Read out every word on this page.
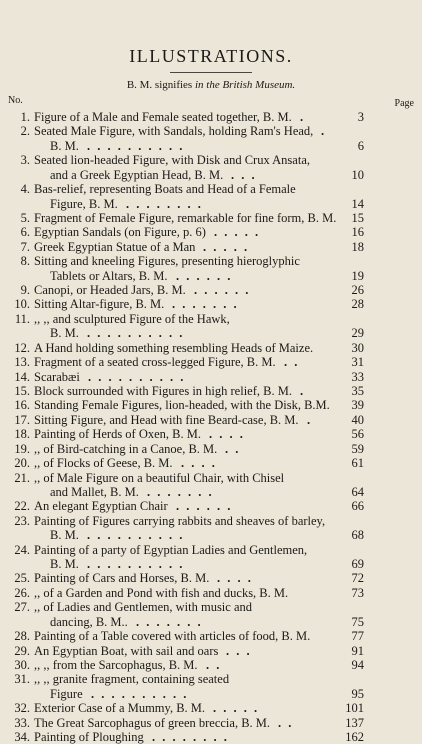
ILLUSTRATIONS.
B. M. signifies in the British Museum.
No.	Page
1. Figure of a Male and Female seated together, B. M. .	3
2. Seated Male Figure, with Sandals, holding Ram's Head, .
B. M. . . . . . . . . . .	6
3. Seated lion-headed Figure, with Disk and Crux Ansata,
and a Greek Egyptian Head, B. M. . . .	10
4. Bas-relief, representing Boats and Head of a Female
Figure, B. M. . . . . . . . .	14
5. Fragment of Female Figure, remarkable for fine form, B. M. 15
6. Egyptian Sandals (on Figure, p. 6) . . . . .	16
7. Greek Egyptian Statue of a Man . . . . .	18
8. Sitting and kneeling Figures, presenting hieroglyphic
Tablets or Altars, B. M. . . . . . .	19
9. Canopi, or Headed Jars, B. M. . . . . . .	26
10. Sitting Altar-figure, B. M. . . . . . . .	28
11. ,, ,, and sculptured Figure of the Hawk,
B. M. . . . . . . . . . .	29
12. A Hand holding something resembling Heads of Maize.	30
13. Fragment of a seated cross-legged Figure, B. M. . .	31
14. Scarabæi . . . . . . . . . .	33
15. Block surrounded with Figures in high relief, B. M. .	35
16. Standing Female Figures, lion-headed, with the Disk, B.M. 39
17. Sitting Figure, and Head with fine Beard-case, B. M. .	40
18. Painting of Herds of Oxen, B. M. . . . .	56
19. ,, of Bird-catching in a Canoe, B. M. . .	59
20. ,, of Flocks of Geese, B. M. . . . .	61
21. ,, of Male Figure on a beautiful Chair, with Chisel
and Mallet, B. M. . . . . . . .	64
22. An elegant Egyptian Chair . . . . . .	66
23. Painting of Figures carrying rabbits and sheaves of barley,
B. M. . . . . . . . . . .	68
24. Painting of a party of Egyptian Ladies and Gentlemen,
B. M. . . . . . . . . . .	69
25. Painting of Cars and Horses, B. M. . . . .	72
26. ,, of a Garden and Pond with fish and ducks, B. M.	73
27. ,, of Ladies and Gentlemen, with music and
dancing, B. M.. . . . . . . .	75
28. Painting of a Table covered with articles of food, B. M.	77
29. An Egyptian Boat, with sail and oars . . .	91
30. ,, ,, from the Sarcophagus, B. M. . .	94
31. ,, ,, granite fragment, containing seated
Figure . . . . . . . . . .	95
32. Exterior Case of a Mummy, B. M. . . . . .	101
33. The Great Sarcophagus of green breccia, B. M. . .	137
34. Painting of Ploughing . . . . . . . .	162
